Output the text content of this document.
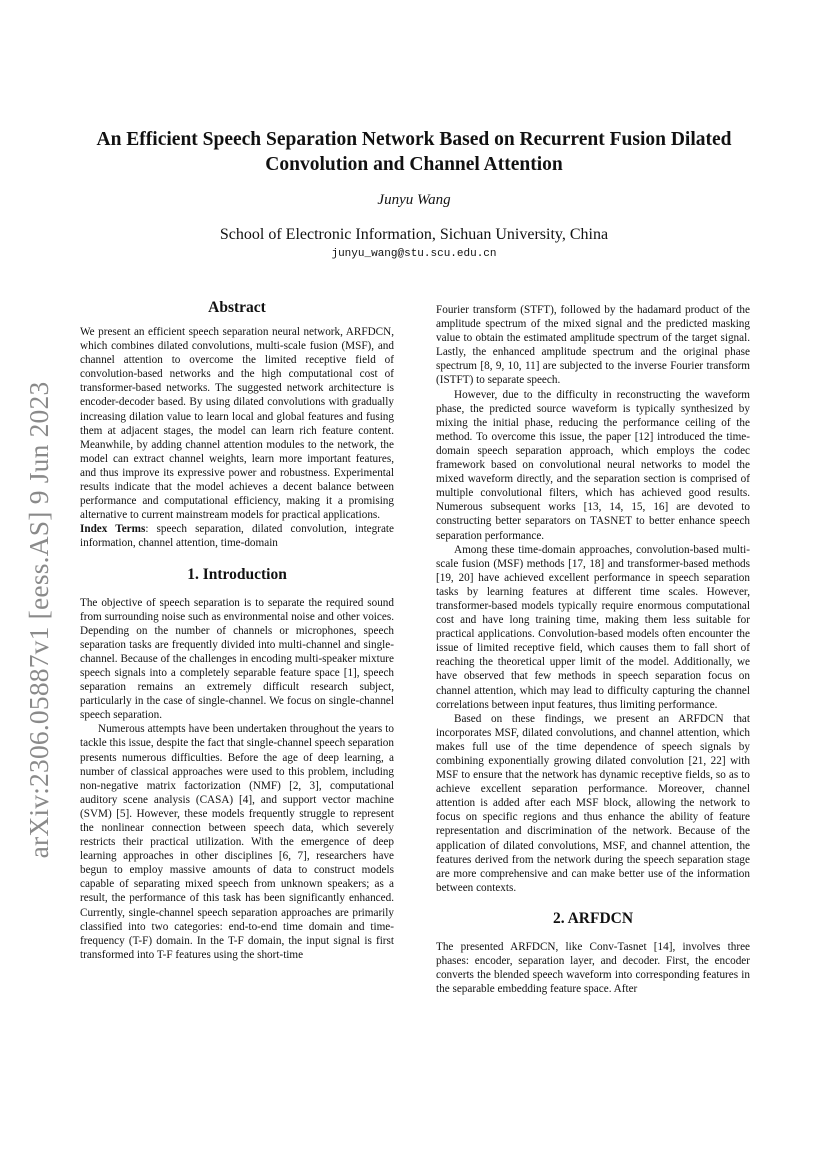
arXiv:2306.05887v1 [eess.AS] 9 Jun 2023
An Efficient Speech Separation Network Based on Recurrent Fusion Dilated Convolution and Channel Attention
Junyu Wang
School of Electronic Information, Sichuan University, China
junyu_wang@stu.scu.edu.cn
Abstract

We present an efficient speech separation neural network, ARFDCN, which combines dilated convolutions, multi-scale fusion (MSF), and channel attention to overcome the limited receptive field of convolution-based networks and the high computational cost of transformer-based networks. The suggested network architecture is encoder-decoder based. By using dilated convolutions with gradually increasing dilation value to learn local and global features and fusing them at adjacent stages, the model can learn rich feature content. Meanwhile, by adding channel attention modules to the network, the model can extract channel weights, learn more important features, and thus improve its expressive power and robustness. Experimental results indicate that the model achieves a decent balance between performance and computational efficiency, making it a promising alternative to current mainstream models for practical applications.

Index Terms: speech separation, dilated convolution, integrate information, channel attention, time-domain

1. Introduction

The objective of speech separation is to separate the required sound from surrounding noise such as environmental noise and other voices. Depending on the number of channels or microphones, speech separation tasks are frequently divided into multi-channel and single-channel. Because of the challenges in encoding multi-speaker mixture speech signals into a completely separable feature space [1], speech separation remains an extremely difficult research subject, particularly in the case of single-channel. We focus on single-channel speech separation.

Numerous attempts have been undertaken throughout the years to tackle this issue, despite the fact that single-channel speech separation presents numerous difficulties. Before the age of deep learning, a number of classical approaches were used to this problem, including non-negative matrix factorization (NMF) [2, 3], computational auditory scene analysis (CASA) [4], and support vector machine (SVM) [5]. However, these models frequently struggle to represent the nonlinear connection between speech data, which severely restricts their practical utilization. With the emergence of deep learning approaches in other disciplines [6, 7], researchers have begun to employ massive amounts of data to construct models capable of separating mixed speech from unknown speakers; as a result, the performance of this task has been significantly enhanced. Currently, single-channel speech separation approaches are primarily classified into two categories: end-to-end time domain and time-frequency (T-F) domain. In the T-F domain, the input signal is first transformed into T-F features using the short-time

Fourier transform (STFT), followed by the hadamard product of the amplitude spectrum of the mixed signal and the predicted masking value to obtain the estimated amplitude spectrum of the target signal. Lastly, the enhanced amplitude spectrum and the original phase spectrum [8, 9, 10, 11] are subjected to the inverse Fourier transform (ISTFT) to separate speech.

However, due to the difficulty in reconstructing the waveform phase, the predicted source waveform is typically synthesized by mixing the initial phase, reducing the performance ceiling of the method. To overcome this issue, the paper [12] introduced the time-domain speech separation approach, which employs the codec framework based on convolutional neural networks to model the mixed waveform directly, and the separation section is comprised of multiple convolutional filters, which has achieved good results. Numerous subsequent works [13, 14, 15, 16] are devoted to constructing better separators on TASNET to better enhance speech separation performance.

Among these time-domain approaches, convolution-based multi-scale fusion (MSF) methods [17, 18] and transformer-based methods [19, 20] have achieved excellent performance in speech separation tasks by learning features at different time scales. However, transformer-based models typically require enormous computational cost and have long training time, making them less suitable for practical applications. Convolution-based models often encounter the issue of limited receptive field, which causes them to fall short of reaching the theoretical upper limit of the model. Additionally, we have observed that few methods in speech separation focus on channel attention, which may lead to difficulty capturing the channel correlations between input features, thus limiting performance.

Based on these findings, we present an ARFDCN that incorporates MSF, dilated convolutions, and channel attention, which makes full use of the time dependence of speech signals by combining exponentially growing dilated convolution [21, 22] with MSF to ensure that the network has dynamic receptive fields, so as to achieve excellent separation performance. Moreover, channel attention is added after each MSF block, allowing the network to focus on specific regions and thus enhance the ability of feature representation and discrimination of the network. Because of the application of dilated convolutions, MSF, and channel attention, the features derived from the network during the speech separation stage are more comprehensive and can make better use of the information between contexts.

2. ARFDCN

The presented ARFDCN, like Conv-Tasnet [14], involves three phases: encoder, separation layer, and decoder. First, the encoder converts the blended speech waveform into corresponding features in the separable embedding feature space. After
